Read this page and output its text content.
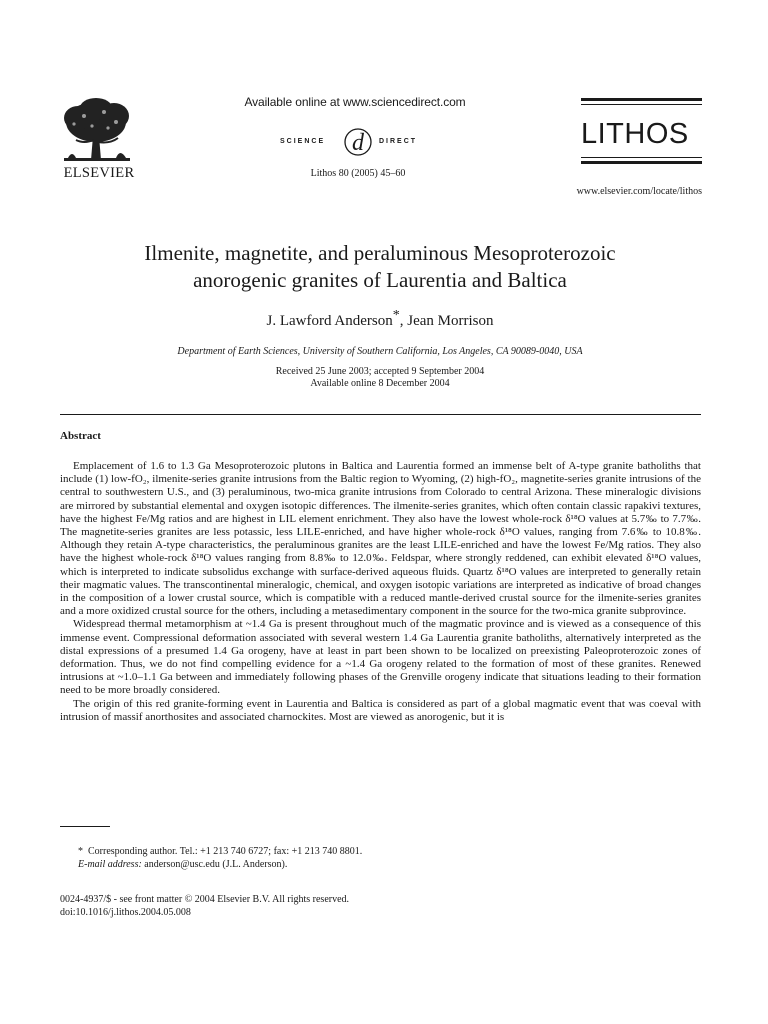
ELSEVIER
Available online at www.sciencedirect.com
d
SCIENCE	DIRECT
Lithos 80 (2005) 45–60
LITHOS
www.elsevier.com/locate/lithos
Ilmenite, magnetite, and peraluminous Mesoproterozoic
anorogenic granites of Laurentia and Baltica
J. Lawford Anderson*, Jean Morrison
Department of Earth Sciences, University of Southern California, Los Angeles, CA 90089-0040, USA
Received 25 June 2003; accepted 9 September 2004
Available online 8 December 2004
Abstract

Emplacement of 1.6 to 1.3 Ga Mesoproterozoic plutons in Baltica and Laurentia formed an immense belt of A-type granite batholiths that include (1) low-fO₂, ilmenite-series granite intrusions from the Baltic region to Wyoming, (2) high-fO₂, magnetite-series granite intrusions of the central to southwestern U.S., and (3) peraluminous, two-mica granite intrusions from Colorado to central Arizona. These mineralogic divisions are mirrored by substantial elemental and oxygen isotopic differences. The ilmenite-series granites, which often contain classic rapakivi textures, have the highest Fe/Mg ratios and are highest in LIL element enrichment. They also have the lowest whole-rock δ¹⁸O values at 5.7‰ to 7.7‰. The magnetite-series granites are less potassic, less LILE-enriched, and have higher whole-rock δ¹⁸O values, ranging from 7.6‰ to 10.8‰. Although they retain A-type characteristics, the peraluminous granites are the least LILE-enriched and have the lowest Fe/Mg ratios. They also have the highest whole-rock δ¹⁸O values ranging from 8.8‰ to 12.0‰. Feldspar, where strongly reddened, can exhibit elevated δ¹⁸O values, which is interpreted to indicate subsolidus exchange with surface-derived aqueous fluids. Quartz δ¹⁸O values are interpreted to generally retain their magmatic values. The transcontinental mineralogic, chemical, and oxygen isotopic variations are interpreted as indicative of broad changes in the composition of a lower crustal source, which is compatible with a reduced mantle-derived crustal source for the ilmenite-series granites and a more oxidized crustal source for the others, including a metasedimentary component in the source for the two-mica granite subprovince.

Widespread thermal metamorphism at ~1.4 Ga is present throughout much of the magmatic province and is viewed as a consequence of this immense event. Compressional deformation associated with several western 1.4 Ga Laurentia granite batholiths, alternatively interpreted as the distal expressions of a presumed 1.4 Ga orogeny, have at least in part been shown to be localized on preexisting Paleoproterozoic zones of deformation. Thus, we do not find compelling evidence for a ~1.4 Ga orogeny related to the formation of most of these granites. Renewed intrusions at ~1.0–1.1 Ga between and immediately following phases of the Grenville orogeny indicate that situations leading to their formation need to be more broadly considered.

The origin of this red granite-forming event in Laurentia and Baltica is considered as part of a global magmatic event that was coeval with intrusion of massif anorthosites and associated charnockites. Most are viewed as anorogenic, but it is

* Corresponding author. Tel.: +1 213 740 6727; fax: +1 213 740 8801.
E-mail address: anderson@usc.edu (J.L. Anderson).
0024-4937/$ - see front matter © 2004 Elsevier B.V. All rights reserved.
doi:10.1016/j.lithos.2004.05.008
